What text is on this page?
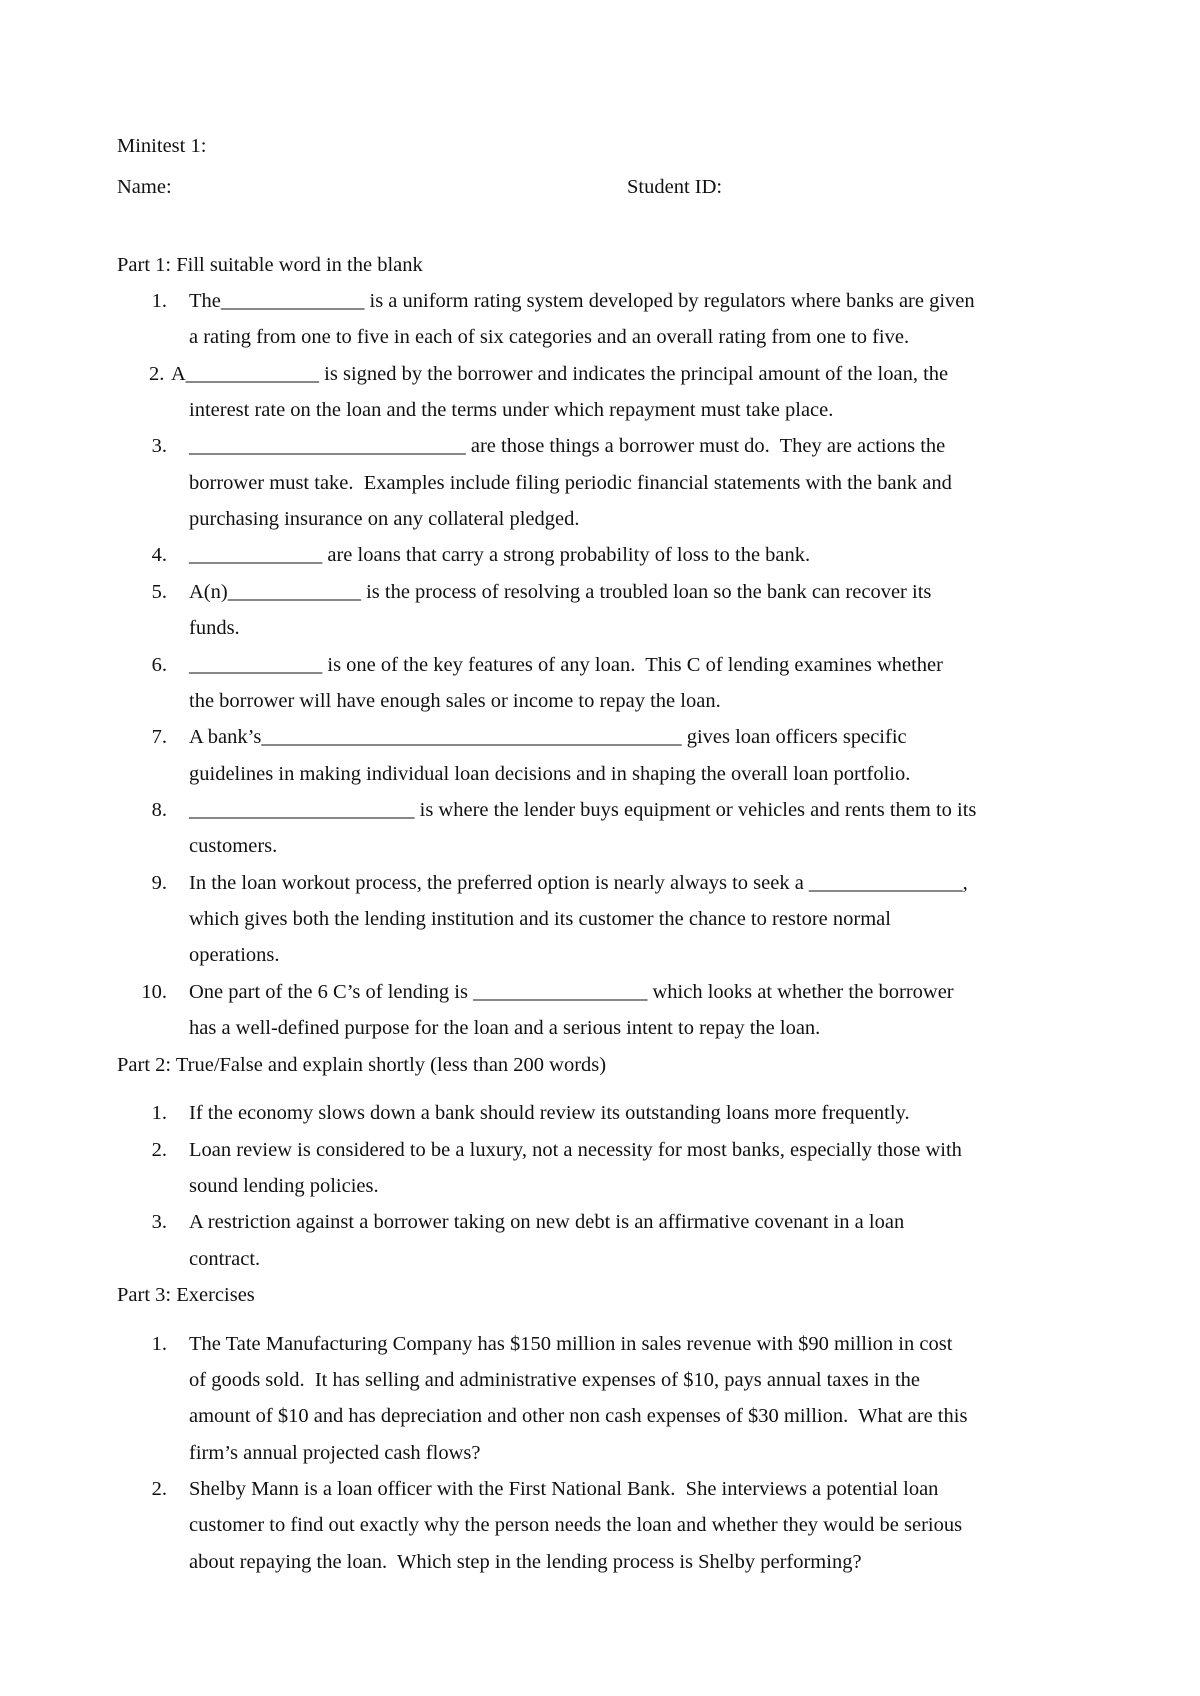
Minitest 1:
Name:	Student ID:
Part 1: Fill suitable word in the blank
1. The______________ is a uniform rating system developed by regulators where banks are given
a rating from one to five in each of six categories and an overall rating from one to five.
2. A_____________ is signed by the borrower and indicates the principal amount of the loan, the
interest rate on the loan and the terms under which repayment must take place.
3. ___________________________ are those things a borrower must do.  They are actions the
borrower must take.  Examples include filing periodic financial statements with the bank and
purchasing insurance on any collateral pledged.
4. _____________ are loans that carry a strong probability of loss to the bank.
5. A(n)_____________ is the process of resolving a troubled loan so the bank can recover its
funds.
6. _____________ is one of the key features of any loan.  This C of lending examines whether
the borrower will have enough sales or income to repay the loan.
7. A bank’s_________________________________________ gives loan officers specific
guidelines in making individual loan decisions and in shaping the overall loan portfolio.
8. ______________________ is where the lender buys equipment or vehicles and rents them to its
customers.
9. In the loan workout process, the preferred option is nearly always to seek a _______________,
which gives both the lending institution and its customer the chance to restore normal
operations.
10. One part of the 6 C’s of lending is _________________ which looks at whether the borrower
has a well-defined purpose for the loan and a serious intent to repay the loan.
Part 2: True/False and explain shortly (less than 200 words)
1. If the economy slows down a bank should review its outstanding loans more frequently.
2. Loan review is considered to be a luxury, not a necessity for most banks, especially those with
sound lending policies.
3. A restriction against a borrower taking on new debt is an affirmative covenant in a loan
contract.
Part 3: Exercises
1. The Tate Manufacturing Company has $150 million in sales revenue with $90 million in cost
of goods sold.  It has selling and administrative expenses of $10, pays annual taxes in the
amount of $10 and has depreciation and other non cash expenses of $30 million.  What are this
firm’s annual projected cash flows?
2. Shelby Mann is a loan officer with the First National Bank.  She interviews a potential loan
customer to find out exactly why the person needs the loan and whether they would be serious
about repaying the loan.  Which step in the lending process is Shelby performing?
